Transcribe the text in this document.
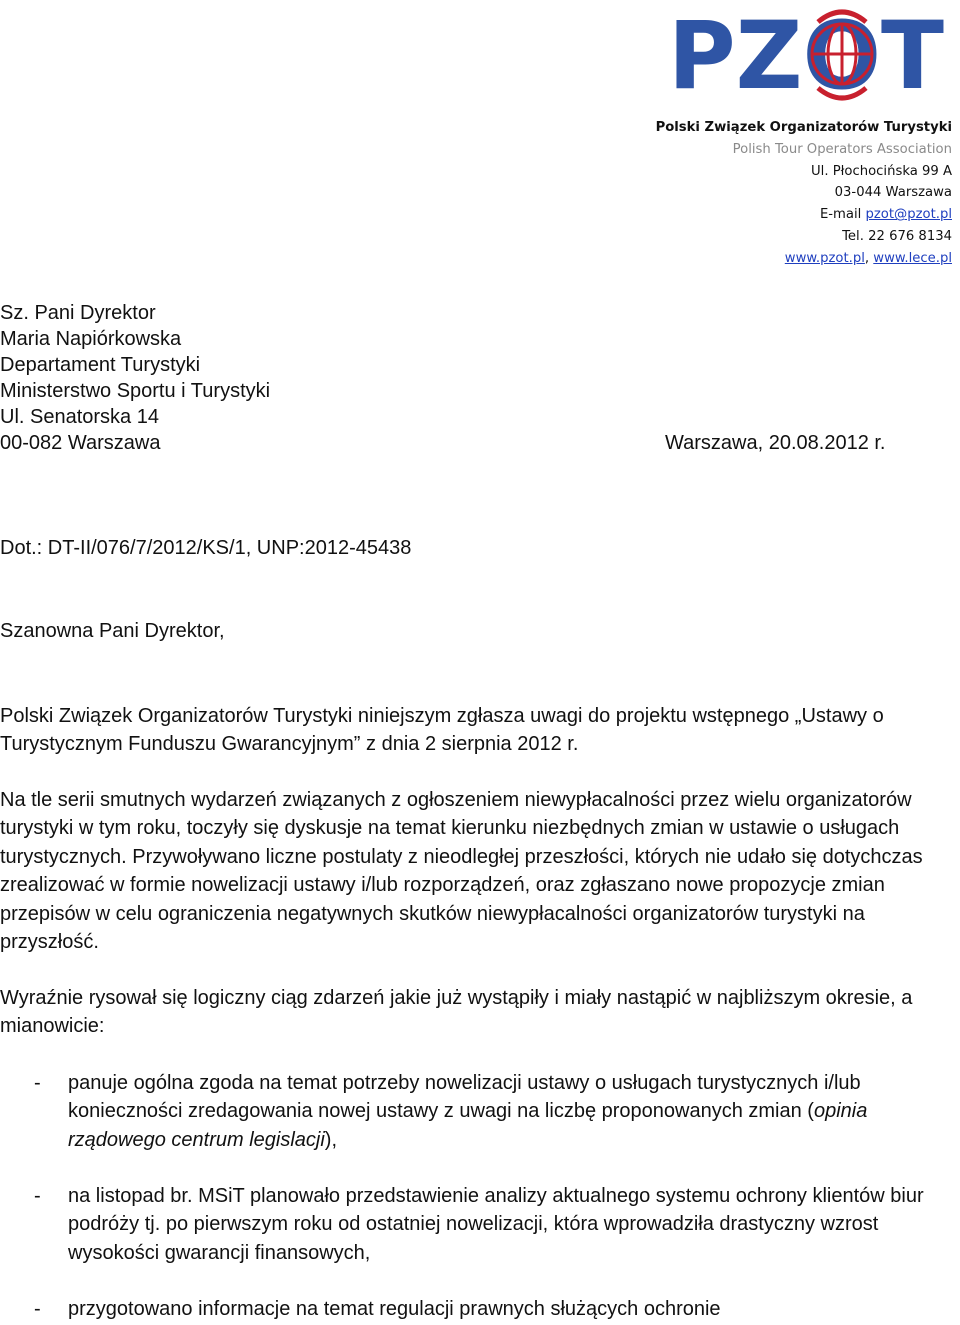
PZOT
Polski Związek Organizatorów Turystyki
Polish Tour Operators Association
Ul. Płochocińska 99 A
03-044 Warszawa
E-mail pzot@pzot.pl
Tel. 22 676 8134
www.pzot.pl, www.lece.pl
Sz. Pani Dyrektor
Maria Napiórkowska
Departament Turystyki
Ministerstwo Sportu i Turystyki
Ul. Senatorska 14
00-082 Warszawa	Warszawa, 20.08.2012 r.
Dot.: DT-II/076/7/2012/KS/1, UNP:2012-45438
Szanowna Pani Dyrektor,

Polski Związek Organizatorów Turystyki niniejszym zgłasza uwagi do projektu wstępnego „Ustawy o Turystycznym Funduszu Gwarancyjnym” z dnia 2 sierpnia 2012 r.

Na tle serii smutnych wydarzeń związanych z ogłoszeniem niewypłacalności przez wielu organizatorów turystyki w tym roku, toczyły się dyskusje na temat kierunku niezbędnych zmian w ustawie o usługach turystycznych. Przywoływano liczne postulaty z nieodległej przeszłości, których nie udało się dotychczas zrealizować w formie nowelizacji ustawy i/lub rozporządzeń, oraz zgłaszano nowe propozycje zmian przepisów w celu ograniczenia negatywnych skutków niewypłacalności organizatorów turystyki na przyszłość.

Wyraźnie rysował się logiczny ciąg zdarzeń jakie już wystąpiły i miały nastąpić w najbliższym okresie, a mianowicie:

- panuje ogólna zgoda na temat potrzeby nowelizacji ustawy o usługach turystycznych i/lub konieczności zredagowania nowej ustawy z uwagi na liczbę proponowanych zmian (opinia rządowego centrum legislacji),
- na listopad br. MSiT planowało przedstawienie analizy aktualnego systemu ochrony klientów biur podróży tj. po pierwszym roku od ostatniej nowelizacji, która wprowadziła drastyczny wzrost wysokości gwarancji finansowych,
- przygotowano informacje na temat regulacji prawnych służących ochronie
